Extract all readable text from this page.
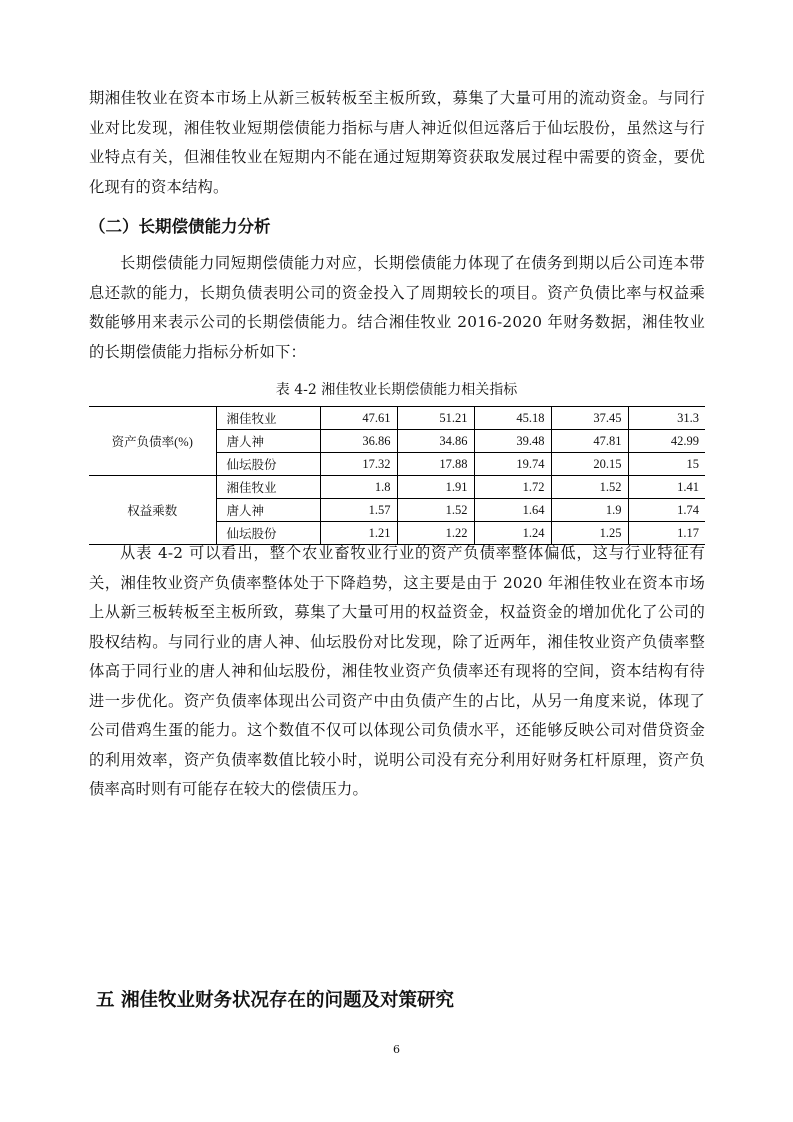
期湘佳牧业在资本市场上从新三板转板至主板所致，募集了大量可用的流动资金。与同行业对比发现，湘佳牧业短期偿债能力指标与唐人神近似但远落后于仙坛股份，虽然这与行业特点有关，但湘佳牧业在短期内不能在通过短期筹资获取发展过程中需要的资金，要优化现有的资本结构。

（二）长期偿债能力分析

长期偿债能力同短期偿债能力对应，长期偿债能力体现了在债务到期以后公司连本带息还款的能力，长期负债表明公司的资金投入了周期较长的项目。资产负债比率与权益乘数能够用来表示公司的长期偿债能力。结合湘佳牧业 2016-2020 年财务数据，湘佳牧业的长期偿债能力指标分析如下：

表 4-2 湘佳牧业长期偿债能力相关指标

资产负债率(%)	湘佳牧业	47.61	51.21	45.18	37.45	31.3
	唐人神	36.86	34.86	39.48	47.81	42.99
	仙坛股份	17.32	17.88	19.74	20.15	15
权益乘数	湘佳牧业	1.8	1.91	1.72	1.52	1.41
	唐人神	1.57	1.52	1.64	1.9	1.74
	仙坛股份	1.21	1.22	1.24	1.25	1.17

从表 4-2 可以看出，整个农业畜牧业行业的资产负债率整体偏低，这与行业特征有关，湘佳牧业资产负债率整体处于下降趋势，这主要是由于 2020 年湘佳牧业在资本市场上从新三板转板至主板所致，募集了大量可用的权益资金，权益资金的增加优化了公司的股权结构。与同行业的唐人神、仙坛股份对比发现，除了近两年，湘佳牧业资产负债率整体高于同行业的唐人神和仙坛股份，湘佳牧业资产负债率还有现将的空间，资本结构有待进一步优化。资产负债率体现出公司资产中由负债产生的占比，从另一角度来说，体现了公司借鸡生蛋的能力。这个数值不仅可以体现公司负债水平，还能够反映公司对借贷资金的利用效率，资产负债率数值比较小时，说明公司没有充分利用好财务杠杆原理，资产负债率高时则有可能存在较大的偿债压力。

五 湘佳牧业财务状况存在的问题及对策研究

6
